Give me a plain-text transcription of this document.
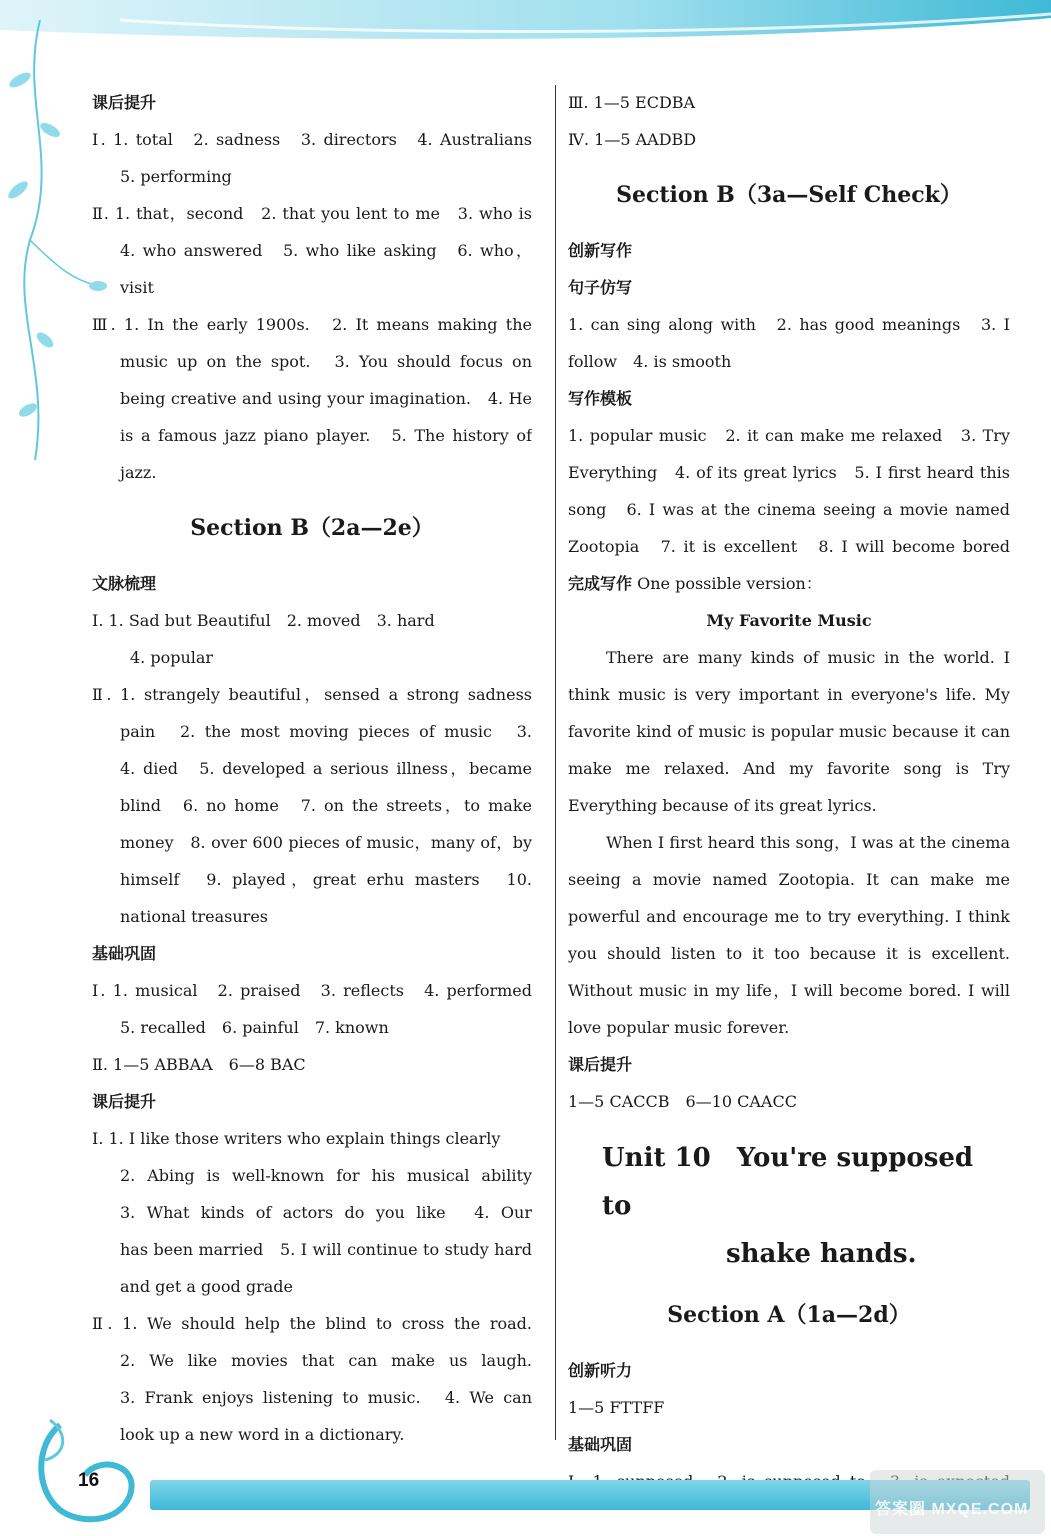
课后提升
Ⅰ. 1. total　2. sadness　3. directors　4. Australians
5. performing
Ⅱ. 1. that，second　2. that you lent to me　3. who is
4. who answered　5. who like asking　6. who，
visit
Ⅲ. 1. In the early 1900s.　2. It means making the
music up on the spot.　3. You should focus on
being creative and using your imagination.　4. He
is a famous jazz piano player.　5. The history of
jazz.
Section B（2a—2e）
文脉梳理
Ⅰ. 1. Sad but Beautiful　2. moved　3. hard
4. popular
Ⅱ. 1. strangely beautiful，sensed a strong sadness
pain　2. the most moving pieces of music　3.
4. died　5. developed a serious illness，became
blind　6. no home　7. on the streets，to make
money　8. over 600 pieces of music，many of，by
himself　9. played，great erhu masters　10.
national treasures
基础巩固
Ⅰ. 1. musical　2. praised　3. reflects　4. performed
5. recalled　6. painful　7. known
Ⅱ. 1—5 ABBAA　6—8 BAC
课后提升
Ⅰ. 1. I like those writers who explain things clearly
2. Abing is well-known for his musical ability
3. What kinds of actors do you like　4. Our
has been married　5. I will continue to study hard
and get a good grade
Ⅱ. 1. We should help the blind to cross the road.
2. We like movies that can make us laugh.
3. Frank enjoys listening to music.　4. We can
look up a new word in a dictionary.
Ⅲ. 1—5 ECDBA
Ⅳ. 1—5 AADBD
Section B（3a—Self Check）
创新写作
句子仿写
1. can sing along with　2. has good meanings　3. I
follow　4. is smooth
写作模板
1. popular music　2. it can make me relaxed　3. Try
Everything　4. of its great lyrics　5. I first heard this
song　6. I was at the cinema seeing a movie named
Zootopia　7. it is excellent　8. I will become bored
完成写作 One possible version：
My Favorite Music
There are many kinds of music in the world. I
think music is very important in everyone's life. My
favorite kind of music is popular music because it can
make me relaxed. And my favorite song is Try
Everything because of its great lyrics.
When I first heard this song，I was at the cinema
seeing a movie named Zootopia. It can make me
powerful and encourage me to try everything. I think
you should listen to it too because it is excellent.
Without music in my life，I will become bored. I will
love popular music forever.
课后提升
1—5 CACCB　6—10 CAACC
Unit 10　You're supposed to
shake hands.
Section A（1a—2d）
创新听力
1—5 FTTFF
基础巩固
16
答案圈 MXQE.COM
